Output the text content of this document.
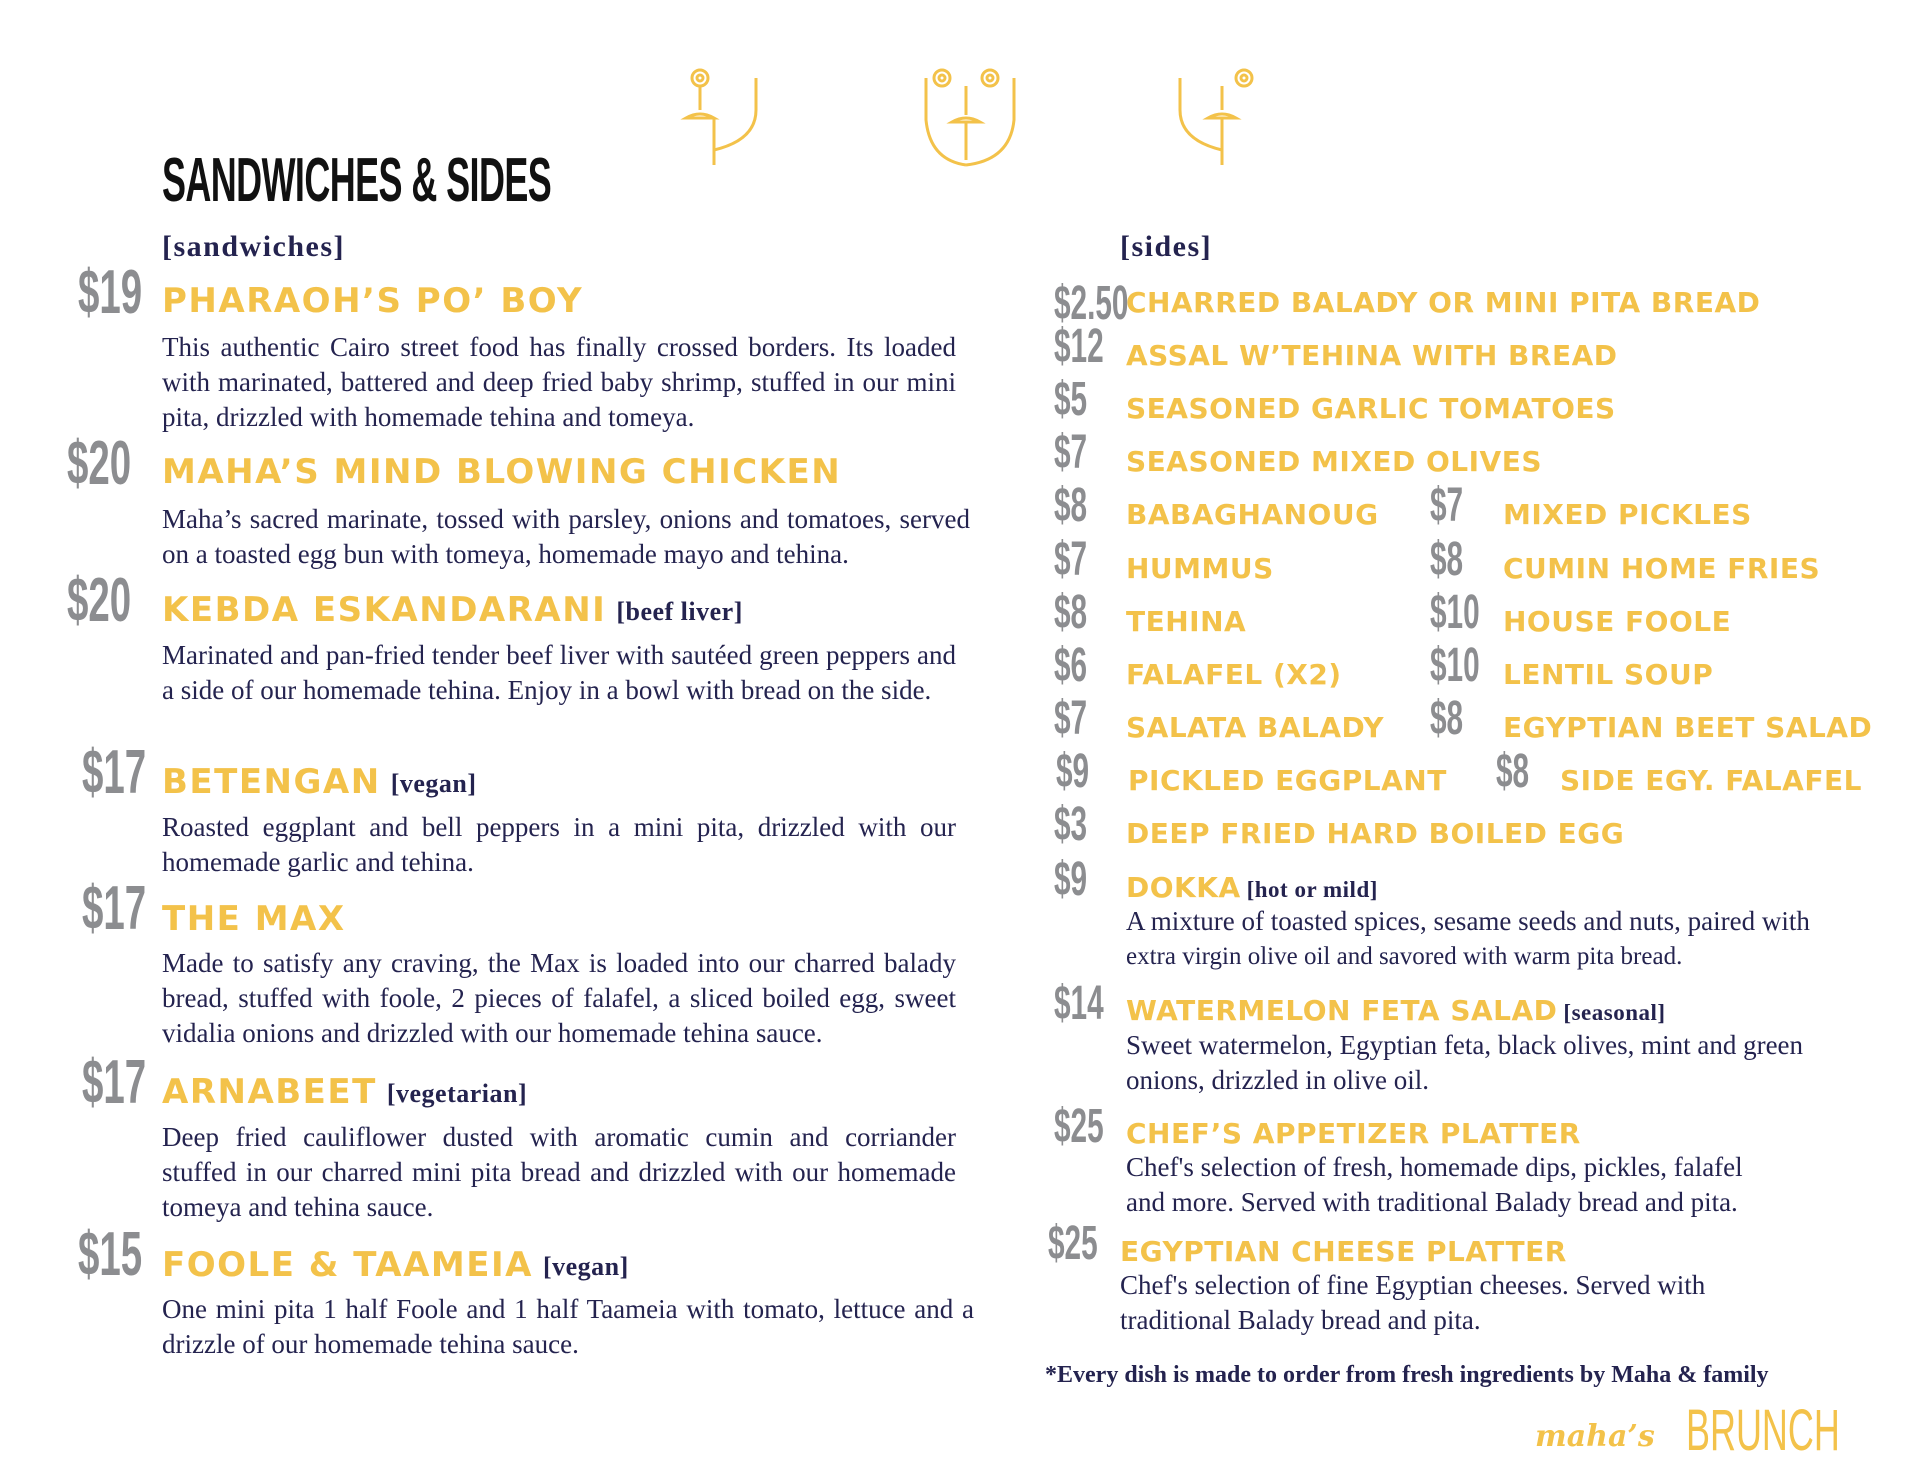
SANDWICHES & SIDES
[sandwiches]
$19 PHARAOH’S PO’ BOY
This authentic Cairo street food has finally crossed borders. Its loaded with marinated, battered and deep fried baby shrimp, stuffed in our mini pita, drizzled with homemade tehina and tomeya.
$20 MAHA’S MIND BLOWING CHICKEN
Maha’s sacred marinate, tossed with parsley, onions and tomatoes, served on a toasted egg bun with tomeya, homemade mayo and tehina.
$20 KEBDA ESKANDARANI [beef liver]
Marinated and pan-fried tender beef liver with sautéed green peppers and a side of our homemade tehina. Enjoy in a bowl with bread on the side.
$17 BETENGAN [vegan]
Roasted eggplant and bell peppers in a mini pita, drizzled with our homemade garlic and tehina.
$17 THE MAX
Made to satisfy any craving, the Max is loaded into our charred balady bread, stuffed with foole, 2 pieces of falafel, a sliced boiled egg, sweet vidalia onions and drizzled with our homemade tehina sauce.
$17 ARNABEET [vegetarian]
Deep fried cauliflower dusted with aromatic cumin and corriander stuffed in our charred mini pita bread and drizzled with our homemade tomeya and tehina sauce.
$15 FOOLE & TAAMEIA [vegan]
One mini pita 1 half Foole and 1 half Taameia with tomato, lettuce and a drizzle of our homemade tehina sauce.
[sides]
$2.50
CHARRED BALADY OR MINI PITA BREAD
$12 ASSAL W’TEHINA WITH BREAD
$5 SEASONED GARLIC TOMATOES
$7 SEASONED MIXED OLIVES
$8 BABAGHANOUG $7 MIXED PICKLES
$7 HUMMUS	$8 CUMIN HOME FRIES
$8 TEHINA	$10 HOUSE FOOLE
$6 FALAFEL (X2) $10 LENTIL SOUP
$7 SALATA BALADY $8 EGYPTIAN BEET SALAD
$9 PICKLED EGGPLANT $8 SIDE EGY. FALAFEL
$3 DEEP FRIED HARD BOILED EGG
$9 DOKKA [hot or mild]
A mixture of toasted spices, sesame seeds and nuts, paired with
extra virgin olive oil and savored with warm pita bread.
$14 WATERMELON FETA SALAD [seasonal]
Sweet watermelon, Egyptian feta, black olives, mint and green
onions, drizzled in olive oil.
$25 CHEF’S APPETIZER PLATTER
Chef's selection of fresh, homemade dips, pickles, falafel
and more. Served with traditional Balady bread and pita.
$25 EGYPTIAN CHEESE PLATTER
Chef's selection of fine Egyptian cheeses. Served with
traditional Balady bread and pita.
*Every dish is made to order from fresh ingredients by Maha & family
maha’s BRUNCH
